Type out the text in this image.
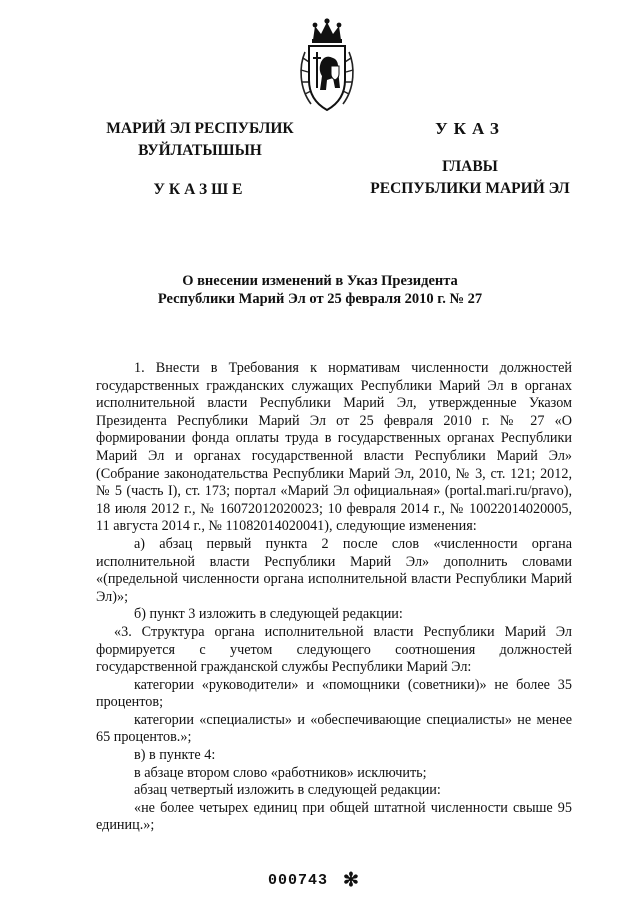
МАРИЙ ЭЛ РЕСПУБЛИК
ВУЙЛАТЫШЫН
УКАЗШЕ
УКАЗ
ГЛАВЫ
РЕСПУБЛИКИ МАРИЙ ЭЛ
О внесении изменений в Указ Президента
Республики Марий Эл от 25 февраля 2010 г. № 27

1. Внести в Требования к нормативам численности должностей государственных гражданских служащих Республики Марий Эл в органах исполнительной власти Республики Марий Эл, утвержденные Указом Президента Республики Марий Эл от 25 февраля 2010 г. № 27 «О формировании фонда оплаты труда в государственных органах Республики Марий Эл и органах государственной власти Республики Марий Эл» (Собрание законодательства Республики Марий Эл, 2010, № 3, ст. 121; 2012, № 5 (часть I), ст. 173; портал «Марий Эл официальная» (portal.mari.ru/pravo), 18 июля 2012 г., № 16072012020023; 10 февраля 2014 г., № 10022014020005, 11 августа 2014 г., № 11082014020041), следующие изменения:

а) абзац первый пункта 2 после слов «численности органа исполнительной власти Республики Марий Эл» дополнить словами «(предельной численности органа исполнительной власти Республики Марий Эл)»;

б) пункт 3 изложить в следующей редакции:

«3. Структура органа исполнительной власти Республики Марий Эл формируется с учетом следующего соотношения должностей государственной гражданской службы Республики Марий Эл:

категории «руководители» и «помощники (советники)» не более 35 процентов;

категории «специалисты» и «обеспечивающие специалисты» не менее 65 процентов.»;

в) в пункте 4:

в абзаце втором слово «работников» исключить;

абзац четвертый изложить в следующей редакции:

«не более четырех единиц при общей штатной численности свыше 95 единиц.»;

000743 ✻
